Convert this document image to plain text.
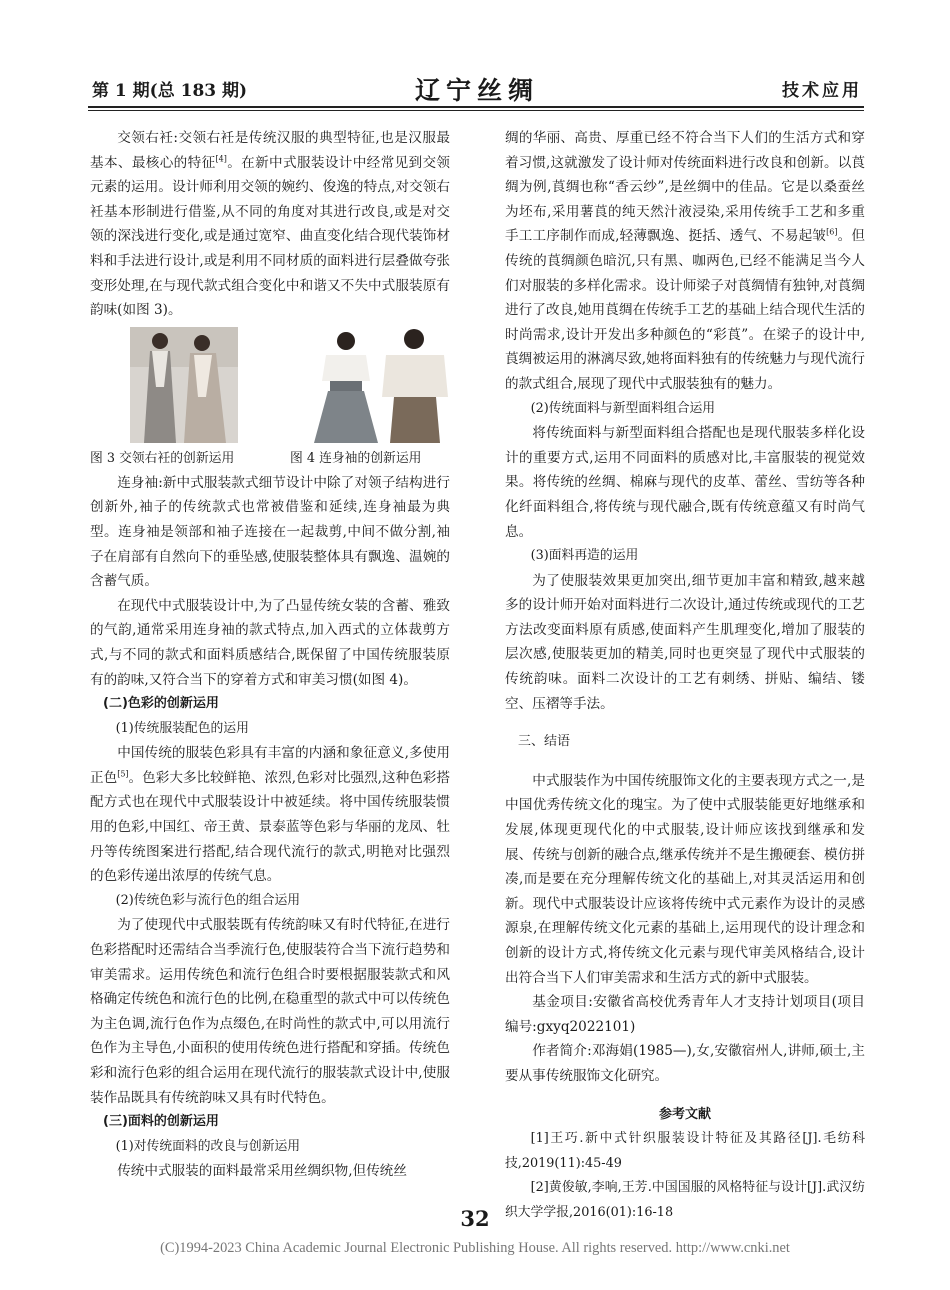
第 1 期(总 183 期)	辽宁丝绸	技术应用

交领右衽:交领右衽是传统汉服的典型特征,也是汉服最基本、最核心的特征[4]。在新中式服装设计中经常见到交领元素的运用。设计师利用交领的婉约、俊逸的特点,对交领右衽基本形制进行借鉴,从不同的角度对其进行改良,或是对交领的深浅进行变化,或是通过宽窄、曲直变化结合现代装饰材料和手法进行设计,或是利用不同材质的面料进行层叠做夸张变形处理,在与现代款式组合变化中和谐又不失中式服装原有韵味(如图 3)。

图 3 交领右衽的创新运用	图 4 连身袖的创新运用

连身袖:新中式服装款式细节设计中除了对领子结构进行创新外,袖子的传统款式也常被借鉴和延续,连身袖最为典型。连身袖是领部和袖子连接在一起裁剪,中间不做分割,袖子在肩部有自然向下的垂坠感,使服装整体具有飘逸、温婉的含蓄气质。

在现代中式服装设计中,为了凸显传统女装的含蓄、雅致的气韵,通常采用连身袖的款式特点,加入西式的立体裁剪方式,与不同的款式和面料质感结合,既保留了中国传统服装原有的韵味,又符合当下的穿着方式和审美习惯(如图 4)。

(二)色彩的创新运用

(1)传统服装配色的运用

中国传统的服装色彩具有丰富的内涵和象征意义,多使用正色[5]。色彩大多比较鲜艳、浓烈,色彩对比强烈,这种色彩搭配方式也在现代中式服装设计中被延续。将中国传统服装惯用的色彩,中国红、帝王黄、景泰蓝等色彩与华丽的龙凤、牡丹等传统图案进行搭配,结合现代流行的款式,明艳对比强烈的色彩传递出浓厚的传统气息。

(2)传统色彩与流行色的组合运用

为了使现代中式服装既有传统韵味又有时代特征,在进行色彩搭配时还需结合当季流行色,使服装符合当下流行趋势和审美需求。运用传统色和流行色组合时要根据服装款式和风格确定传统色和流行色的比例,在稳重型的款式中可以传统色为主色调,流行色作为点缀色,在时尚性的款式中,可以用流行色作为主导色,小面积的使用传统色进行搭配和穿插。传统色彩和流行色彩的组合运用在现代流行的服装款式设计中,使服装作品既具有传统韵味又具有时代特色。

(三)面料的创新运用

(1)对传统面料的改良与创新运用

传统中式服装的面料最常采用丝绸织物,但传统丝

绸的华丽、高贵、厚重已经不符合当下人们的生活方式和穿着习惯,这就激发了设计师对传统面料进行改良和创新。以莨绸为例,莨绸也称“香云纱”,是丝绸中的佳品。它是以桑蚕丝为坯布,采用薯莨的纯天然汁液浸染,采用传统手工艺和多重手工工序制作而成,轻薄飘逸、挺括、透气、不易起皱[6]。但传统的莨绸颜色暗沉,只有黑、咖两色,已经不能满足当今人们对服装的多样化需求。设计师梁子对莨绸情有独钟,对莨绸进行了改良,她用莨绸在传统手工艺的基础上结合现代生活的时尚需求,设计开发出多种颜色的“彩莨”。在梁子的设计中,莨绸被运用的淋漓尽致,她将面料独有的传统魅力与现代流行的款式组合,展现了现代中式服装独有的魅力。

(2)传统面料与新型面料组合运用

将传统面料与新型面料组合搭配也是现代服装多样化设计的重要方式,运用不同面料的质感对比,丰富服装的视觉效果。将传统的丝绸、棉麻与现代的皮革、蕾丝、雪纺等各种化纤面料组合,将传统与现代融合,既有传统意蕴又有时尚气息。

(3)面料再造的运用

为了使服装效果更加突出,细节更加丰富和精致,越来越多的设计师开始对面料进行二次设计,通过传统或现代的工艺方法改变面料原有质感,使面料产生肌理变化,增加了服装的层次感,使服装更加的精美,同时也更突显了现代中式服装的传统韵味。面料二次设计的工艺有刺绣、拼贴、编结、镂空、压褶等手法。

三、结语

中式服装作为中国传统服饰文化的主要表现方式之一,是中国优秀传统文化的瑰宝。为了使中式服装能更好地继承和发展,体现更现代化的中式服装,设计师应该找到继承和发展、传统与创新的融合点,继承传统并不是生搬硬套、模仿拼凑,而是要在充分理解传统文化的基础上,对其灵活运用和创新。现代中式服装设计应该将传统中式元素作为设计的灵感源泉,在理解传统文化元素的基础上,运用现代的设计理念和创新的设计方式,将传统文化元素与现代审美风格结合,设计出符合当下人们审美需求和生活方式的新中式服装。

基金项目:安徽省高校优秀青年人才支持计划项目(项目编号:gxyq2022101)

作者简介:邓海娟(1985—),女,安徽宿州人,讲师,硕士,主要从事传统服饰文化研究。

参考文献

[1]王巧.新中式针织服装设计特征及其路径[J].毛纺科技,2019(11):45-49

[2]黄俊敏,李响,王芳.中国国服的风格特征与设计[J].武汉纺织大学学报,2016(01):16-18

32
(C)1994-2023 China Academic Journal Electronic Publishing House. All rights reserved. http://www.cnki.net
